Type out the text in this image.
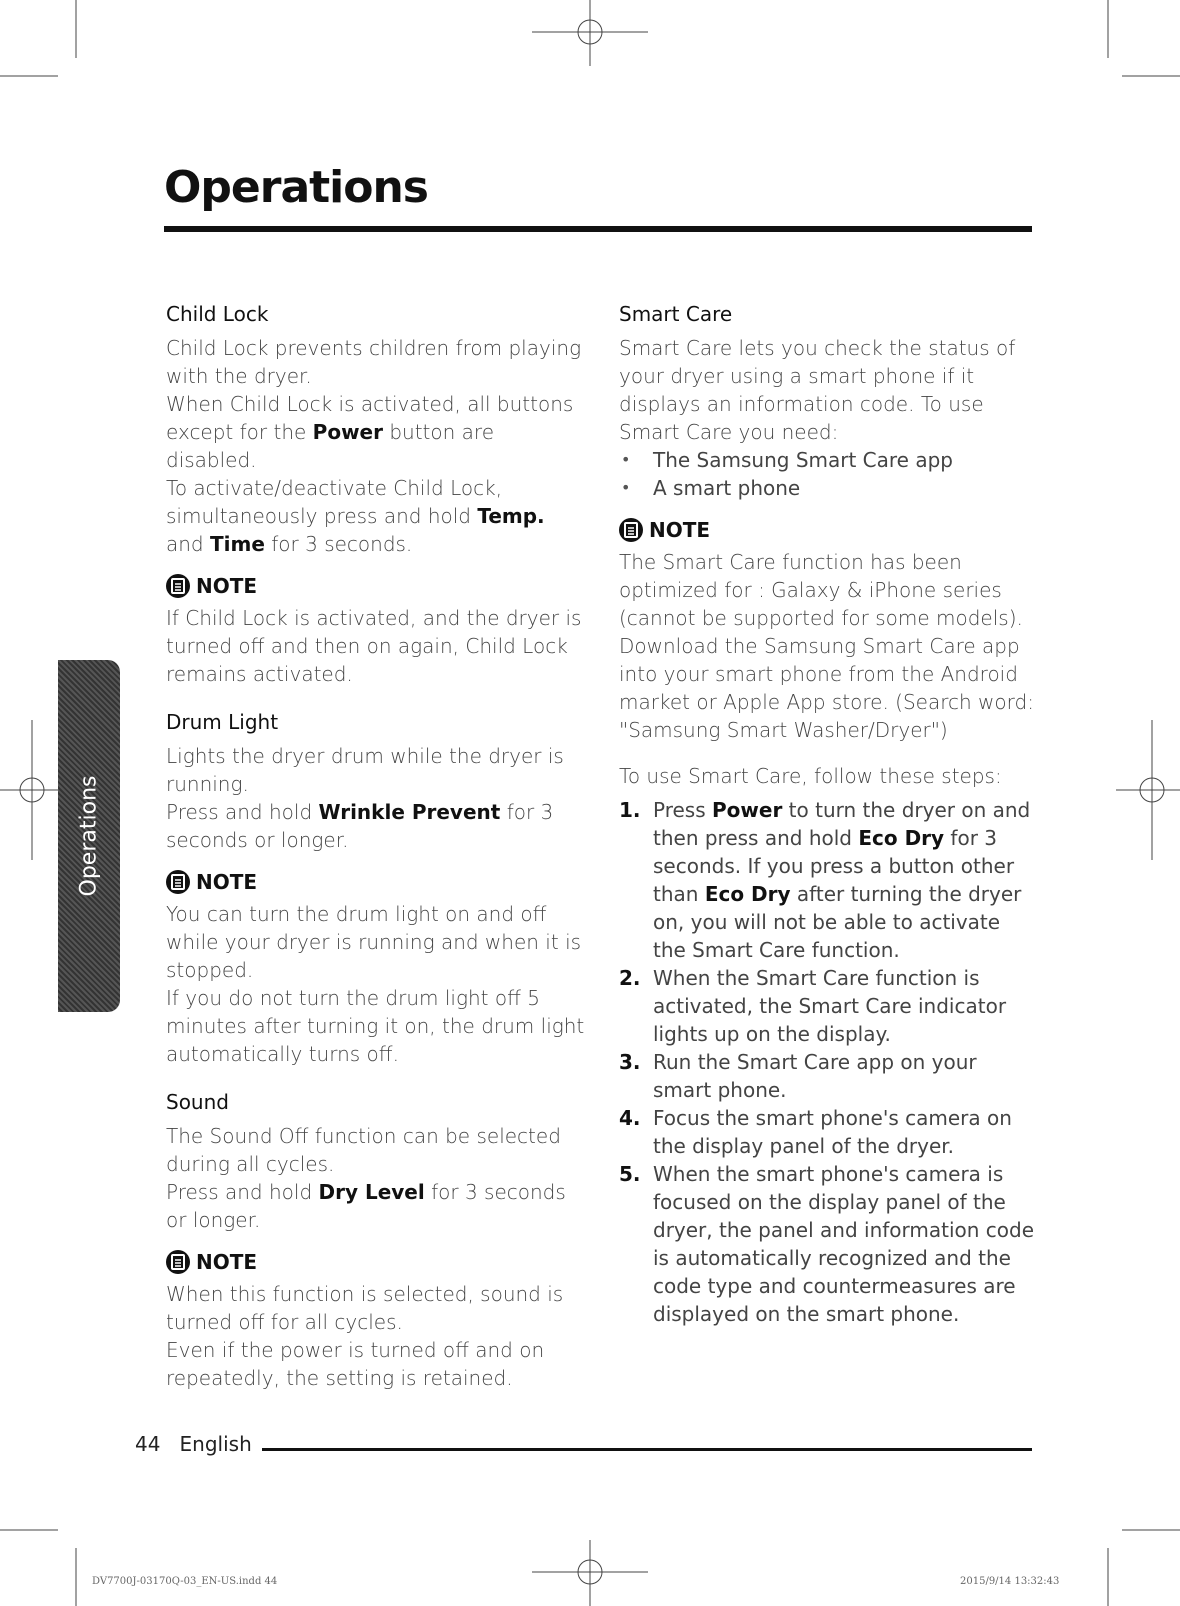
Operations
Operations
Child Lock

Child Lock prevents children from playing with the dryer.

When Child Lock is activated, all buttons except for the Power button are disabled.

To activate/deactivate Child Lock, simultaneously press and hold Temp. and Time for 3 seconds.

NOTE

If Child Lock is activated, and the dryer is turned off and then on again, Child Lock remains activated.

Drum Light

Lights the dryer drum while the dryer is running.

Press and hold Wrinkle Prevent for 3 seconds or longer.

NOTE

You can turn the drum light on and off while your dryer is running and when it is stopped.

If you do not turn the drum light off 5 minutes after turning it on, the drum light automatically turns off.

Sound

The Sound Off function can be selected during all cycles.

Press and hold Dry Level for 3 seconds or longer.

NOTE

When this function is selected, sound is turned off for all cycles.

Even if the power is turned off and on repeatedly, the setting is retained.

Smart Care

Smart Care lets you check the status of your dryer using a smart phone if it displays an information code. To use Smart Care you need:

• The Samsung Smart Care app
• A smart phone
NOTE

The Smart Care function has been optimized for : Galaxy & iPhone series (cannot be supported for some models).

Download the Samsung Smart Care app into your smart phone from the Android market or Apple App store. (Search word: "Samsung Smart Washer/Dryer")

To use Smart Care, follow these steps:

1. Press Power to turn the dryer on and then press and hold Eco Dry for 3 seconds. If you press a button other than Eco Dry after turning the dryer on, you will not be able to activate the Smart Care function.
2. When the Smart Care function is activated, the Smart Care indicator lights up on the display.
3. Run the Smart Care app on your smart phone.
4. Focus the smart phone's camera on the display panel of the dryer.
5. When the smart phone's camera is focused on the display panel of the dryer, the panel and information code is automatically recognized and the code type and countermeasures are displayed on the smart phone.
44 English
DV7700J-03170Q-03_EN-US.indd 44	2015/9/14 13:32:43
